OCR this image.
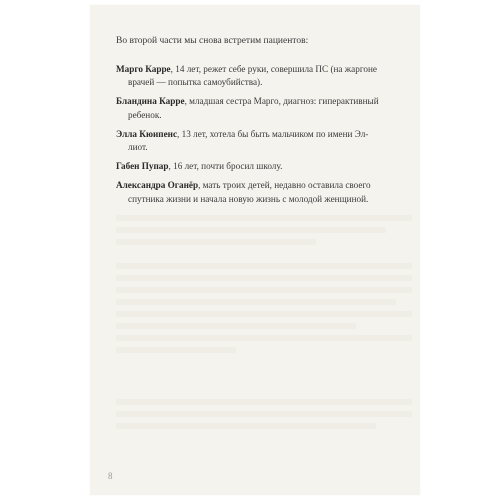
Во второй части мы снова встретим пациентов:
Марго Карре, 14 лет, режет себе руки, совершила ПС (на жаргоне
врачей — попытка самоубийства).
Бландина Карре, младшая сестра Марго, диагноз: гиперактивный
ребенок.
Элла Кюипенс, 13 лет, хотела бы быть мальчиком по имени Эл-
лиот.
Габен Пупар, 16 лет, почти бросил школу.
Александра Оганёр, мать троих детей, недавно оставила своего
спутника жизни и начала новую жизнь с молодой женщиной.
8
